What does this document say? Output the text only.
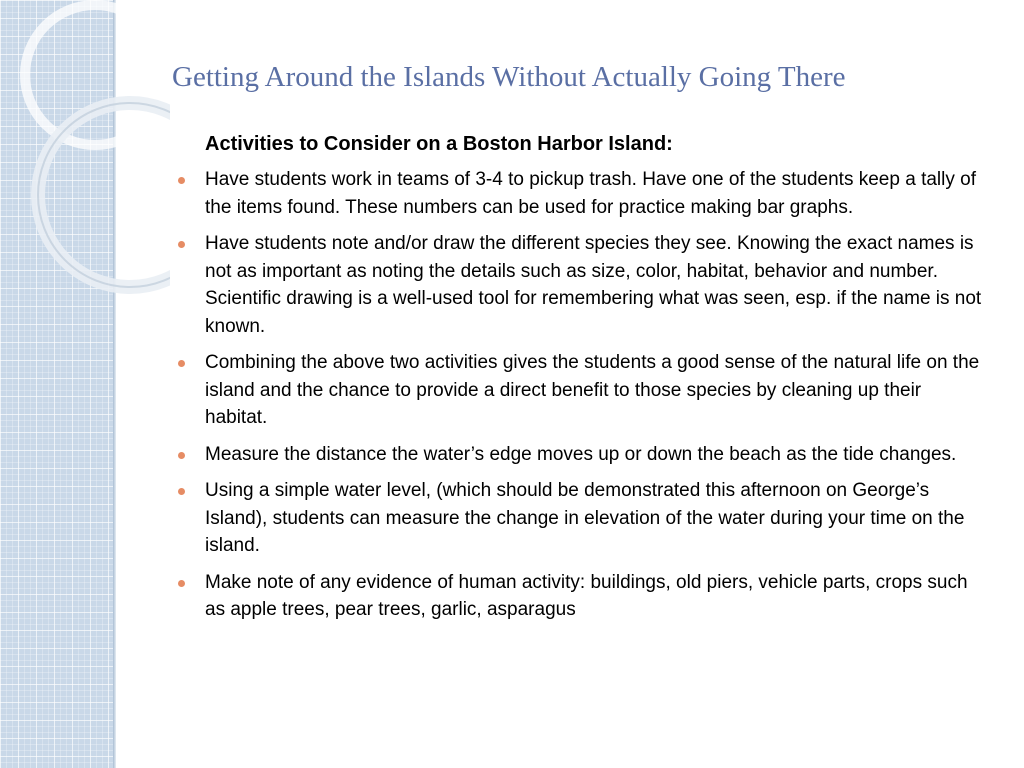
Getting Around the Islands Without Actually Going There

Activities to Consider on a Boston Harbor Island:

Have students work in teams of 3-4 to pickup trash. Have one of the students keep a tally of the items found. These numbers can be used for practice making bar graphs.
Have students note and/or draw the different species they see. Knowing the exact names is not as important as noting the details such as size, color, habitat, behavior and number. Scientific drawing is a well-used tool for remembering what was seen, esp. if the name is not known.
Combining the above two activities gives the students a good sense of the natural life on the island and the chance to provide a direct benefit to those species by cleaning up their habitat.
Measure the distance the water’s edge moves up or down the beach as the tide changes.
Using a simple water level, (which should be demonstrated this afternoon on George’s Island), students can measure the change in elevation of the water during your time on the island.
Make note of any evidence of human activity: buildings, old piers, vehicle parts, crops such as apple trees, pear trees, garlic, asparagus
